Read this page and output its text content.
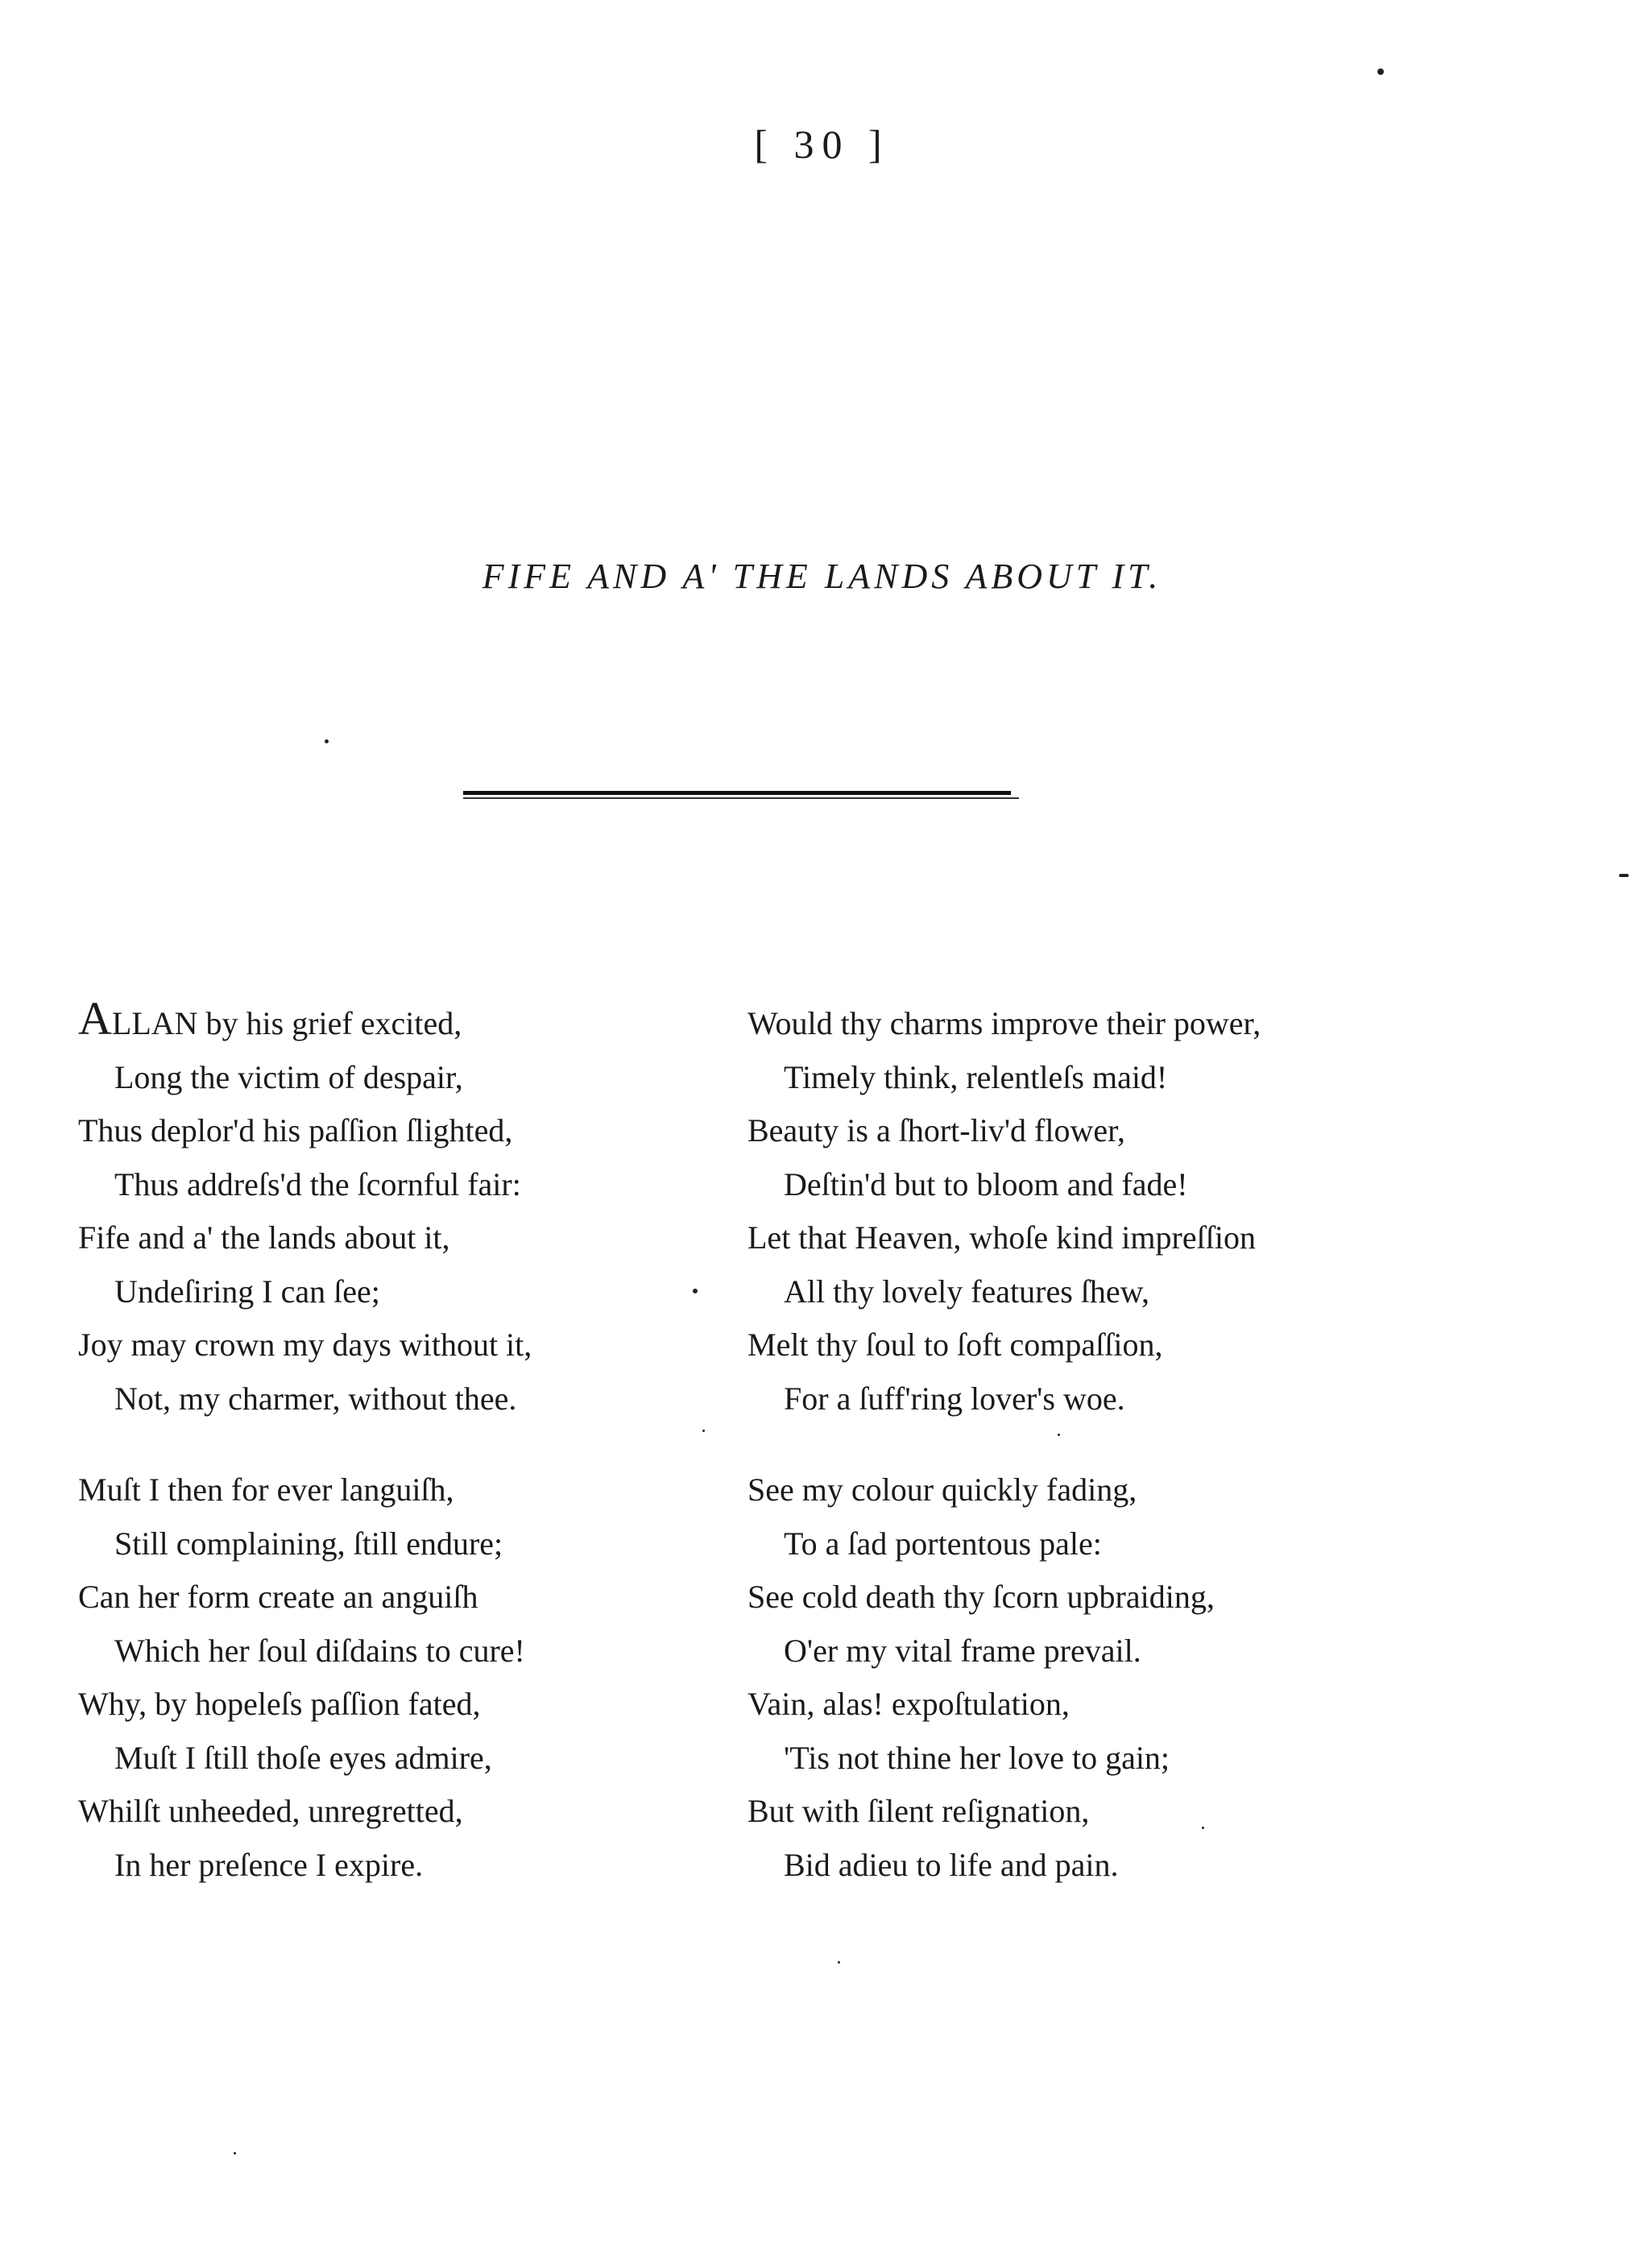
[ 30 ]
FIFE AND A' THE LANDS ABOUT IT.
ALLAN by his grief excited,
Long the victim of despair,
Thus deplor'd his paſſion ſlighted,
Thus addreſs'd the ſcornful fair:
Fife and a' the lands about it,
Undeſiring I can ſee;
Joy may crown my days without it,
Not, my charmer, without thee.
Muſt I then for ever languiſh,
Still complaining, ſtill endure;
Can her form create an anguiſh
Which her ſoul diſdains to cure!
Why, by hopeleſs paſſion fated,
Muſt I ſtill thoſe eyes admire,
Whilſt unheeded, unregretted,
In her preſence I expire.
Would thy charms improve their power,
Timely think, relentleſs maid!
Beauty is a ſhort-liv'd flower,
Deſtin'd but to bloom and fade!
Let that Heaven, whoſe kind impreſſion
All thy lovely features ſhew,
Melt thy ſoul to ſoft compaſſion,
For a ſuff'ring lover's woe.
See my colour quickly fading,
To a ſad portentous pale:
See cold death thy ſcorn upbraiding,
O'er my vital frame prevail.
Vain, alas! expoſtulation,
'Tis not thine her love to gain;
But with ſilent reſignation,
Bid adieu to life and pain.
